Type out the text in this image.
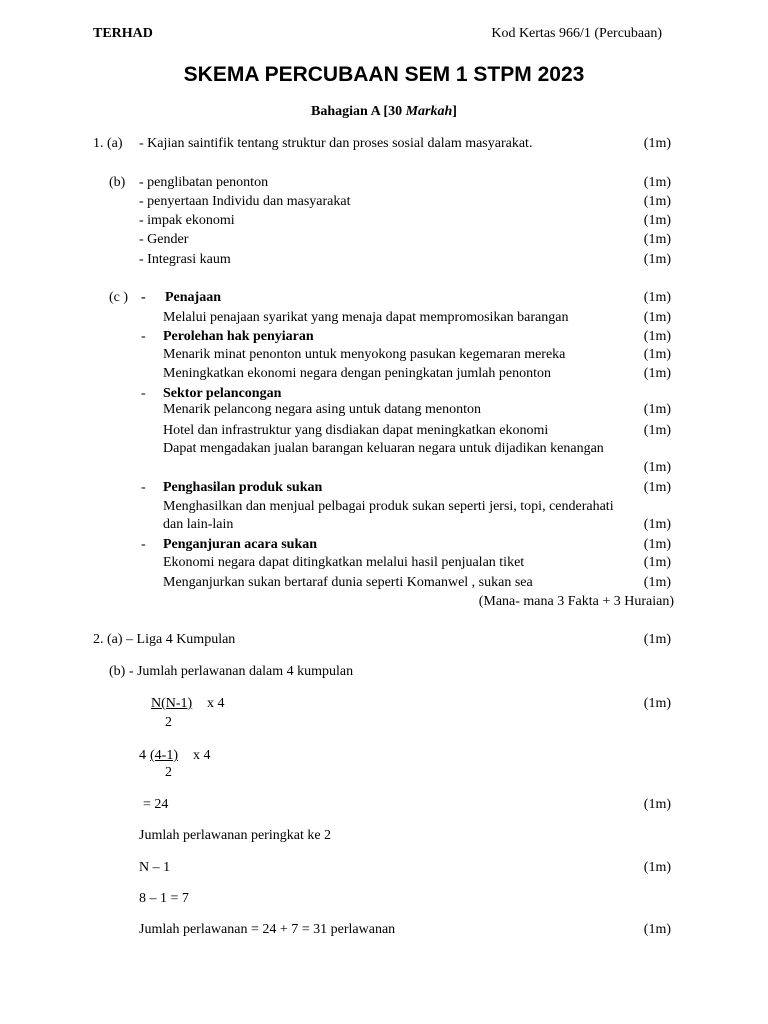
TERHAD	Kod Kertas 966/1 (Percubaan)
SKEMA PERCUBAAN SEM 1 STPM 2023
Bahagian A [30 Markah]
1. (a) - Kajian saintifik tentang struktur dan proses sosial dalam masyarakat.	(1m)
(b) - penglibatan penonton	(1m)
- penyertaan Individu dan masyarakat	(1m)
- impak ekonomi	(1m)
- Gender	(1m)
- Integrasi kaum	(1m)
(c ) - Penajaan	(1m)
Melalui penajaan syarikat yang menaja dapat mempromosikan barangan	(1m)
- Perolehan hak penyiaran	(1m)
Menarik minat penonton untuk menyokong pasukan kegemaran mereka	(1m)
Meningkatkan ekonomi negara dengan peningkatan jumlah penonton	(1m)
- Sektor pelancongan
Menarik pelancong negara asing untuk datang menonton	(1m)
Hotel dan infrastruktur yang disdiakan dapat meningkatkan ekonomi	(1m)
Dapat mengadakan jualan barangan keluaran negara untuk dijadikan kenangan
(1m)
- Penghasilan produk sukan	(1m)
Menghasilkan dan menjual pelbagai produk sukan seperti jersi, topi, cenderahati
dan lain-lain	(1m)
- Penganjuran acara sukan	(1m)
Ekonomi negara dapat ditingkatkan melalui hasil penjualan tiket	(1m)
Menganjurkan sukan bertaraf dunia seperti Komanwel , sukan sea	(1m)
(Mana- mana 3 Fakta + 3 Huraian)
2. (a) – Liga 4 Kumpulan	(1m)
(b) - Jumlah perlawanan dalam 4 kumpulan
N(N-1) x 4	(1m)
2
4 (4-1) x 4
2
= 24	(1m)
Jumlah perlawanan peringkat ke 2
N – 1	(1m)
8 – 1 = 7
Jumlah perlawanan = 24 + 7 = 31 perlawanan	(1m)
